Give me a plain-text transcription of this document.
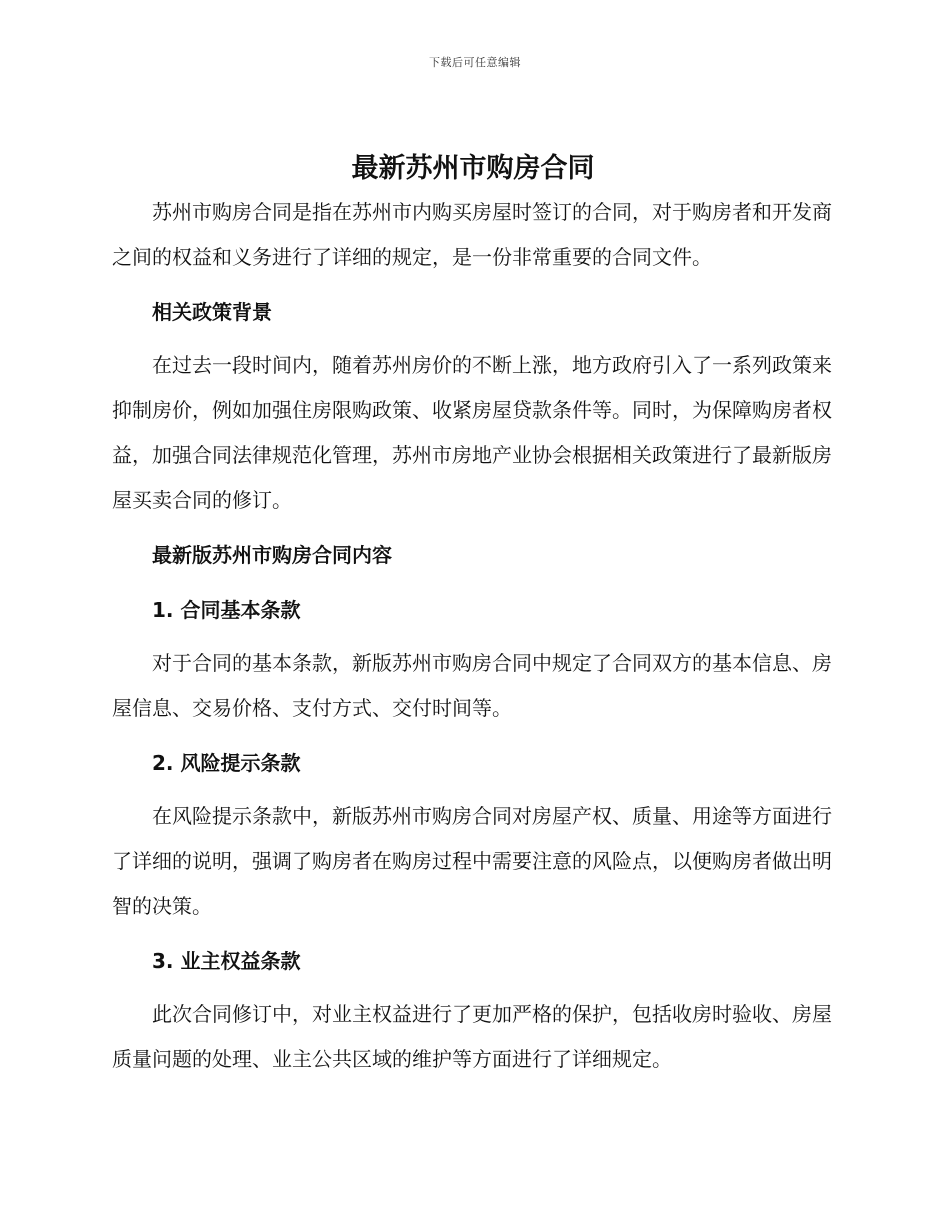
下载后可任意编辑
最新苏州市购房合同

苏州市购房合同是指在苏州市内购买房屋时签订的合同，对于购房者和开发商之间的权益和义务进行了详细的规定，是一份非常重要的合同文件。

相关政策背景

在过去一段时间内，随着苏州房价的不断上涨，地方政府引入了一系列政策来抑制房价，例如加强住房限购政策、收紧房屋贷款条件等。同时，为保障购房者权益，加强合同法律规范化管理，苏州市房地产业协会根据相关政策进行了最新版房屋买卖合同的修订。

最新版苏州市购房合同内容
1. 合同基本条款

对于合同的基本条款，新版苏州市购房合同中规定了合同双方的基本信息、房屋信息、交易价格、支付方式、交付时间等。

2. 风险提示条款

在风险提示条款中，新版苏州市购房合同对房屋产权、质量、用途等方面进行了详细的说明，强调了购房者在购房过程中需要注意的风险点，以便购房者做出明智的决策。

3. 业主权益条款

此次合同修订中，对业主权益进行了更加严格的保护，包括收房时验收、房屋质量问题的处理、业主公共区域的维护等方面进行了详细规定。
